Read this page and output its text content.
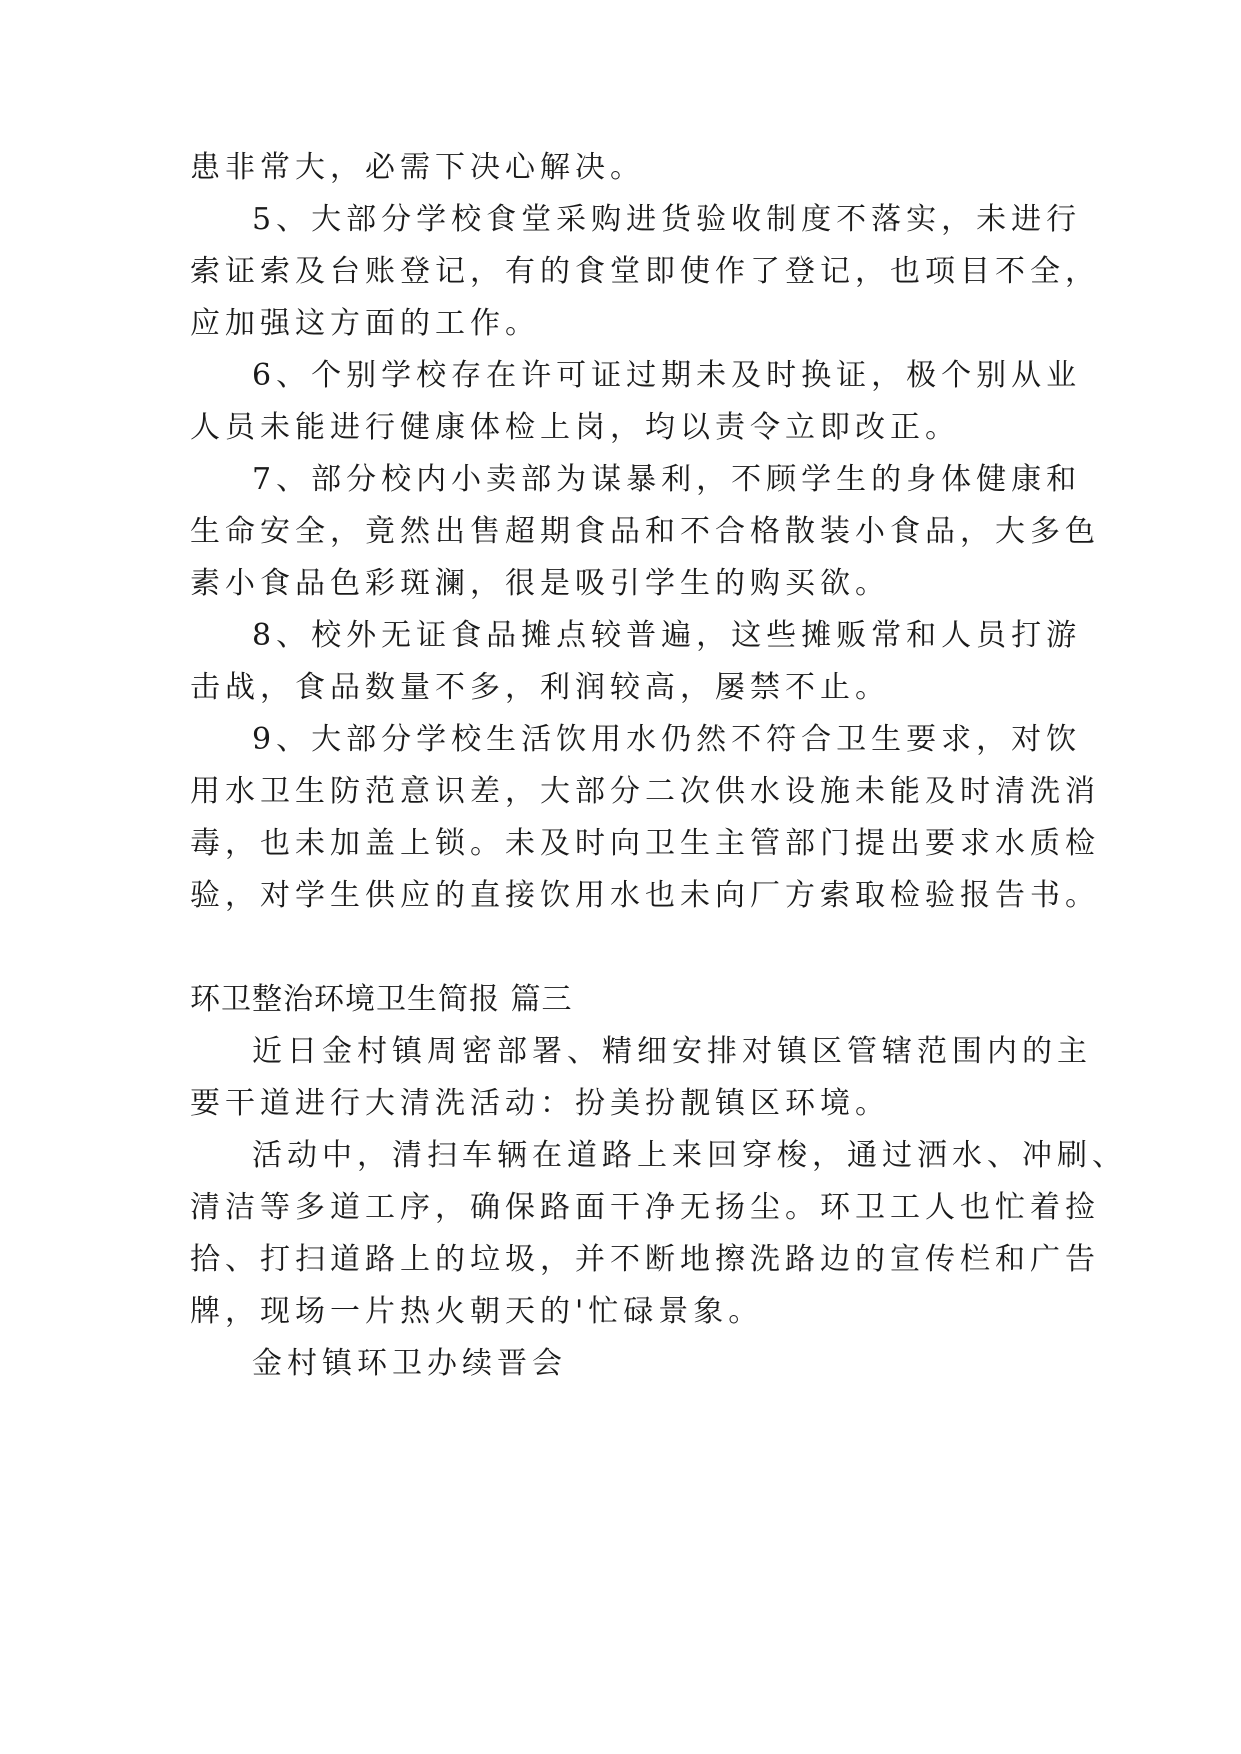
患非常大，必需下决心解决。
5、大部分学校食堂采购进货验收制度不落实，未进行
索证索及台账登记，有的食堂即使作了登记，也项目不全，
应加强这方面的工作。
6、个别学校存在许可证过期未及时换证，极个别从业
人员未能进行健康体检上岗，均以责令立即改正。
7、部分校内小卖部为谋暴利，不顾学生的身体健康和
生命安全，竟然出售超期食品和不合格散装小食品，大多色
素小食品色彩斑澜，很是吸引学生的购买欲。
8、校外无证食品摊点较普遍，这些摊贩常和人员打游
击战，食品数量不多，利润较高，屡禁不止。
9、大部分学校生活饮用水仍然不符合卫生要求，对饮
用水卫生防范意识差，大部分二次供水设施未能及时清洗消
毒，也未加盖上锁。未及时向卫生主管部门提出要求水质检
验，对学生供应的直接饮用水也未向厂方索取检验报告书。
环卫整治环境卫生简报 篇三
近日金村镇周密部署、精细安排对镇区管辖范围内的主
要干道进行大清洗活动：扮美扮靓镇区环境。
活动中，清扫车辆在道路上来回穿梭，通过洒水、冲刷、
清洁等多道工序，确保路面干净无扬尘。环卫工人也忙着捡
拾、打扫道路上的垃圾，并不断地擦洗路边的宣传栏和广告
牌，现场一片热火朝天的'忙碌景象。
金村镇环卫办续晋会
